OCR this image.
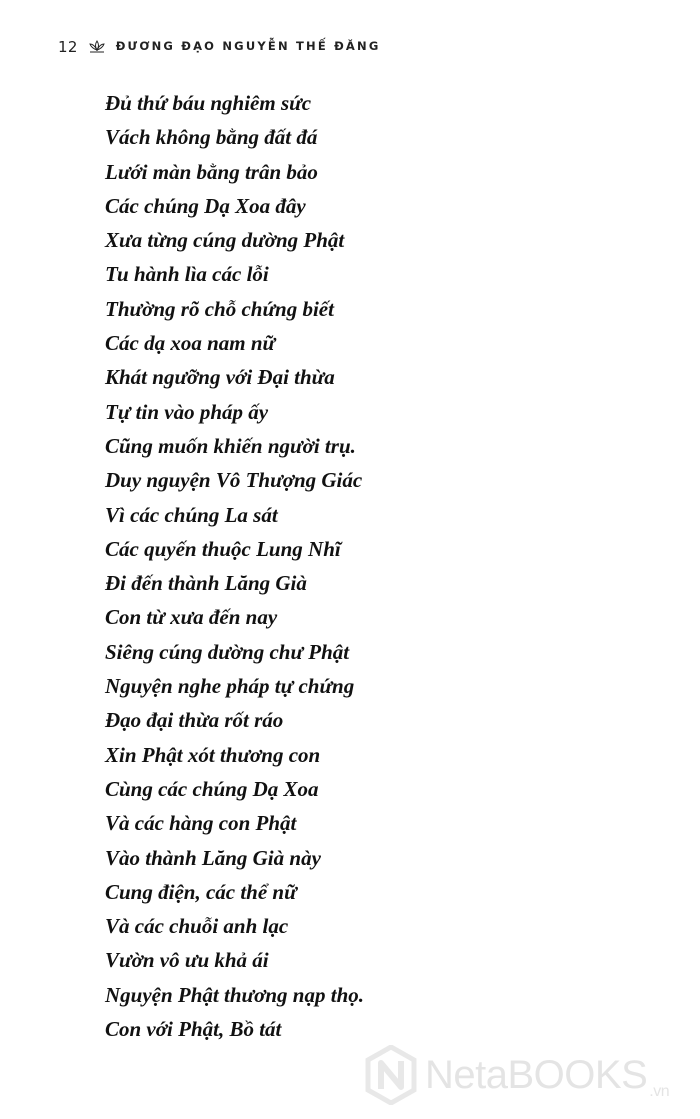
12	ĐƯƠNG ĐẠO NGUYỄN THẾ ĐĂNG
Đủ thứ báu nghiêm sức
Vách không bằng đất đá
Lưới màn bằng trân bảo
Các chúng Dạ Xoa đây
Xưa từng cúng dường Phật
Tu hành lìa các lỗi
Thường rõ chỗ chứng biết
Các dạ xoa nam nữ
Khát ngưỡng với Đại thừa
Tự tin vào pháp ấy
Cũng muốn khiến người trụ.
Duy nguyện Vô Thượng Giác
Vì các chúng La sát
Các quyến thuộc Lung Nhĩ
Đi đến thành Lăng Già
Con từ xưa đến nay
Siêng cúng dường chư Phật
Nguyện nghe pháp tự chứng
Đạo đại thừa rốt ráo
Xin Phật xót thương con
Cùng các chúng Dạ Xoa
Và các hàng con Phật
Vào thành Lăng Già này
Cung điện, các thể nữ
Và các chuỗi anh lạc
Vườn vô ưu khả ái
Nguyện Phật thương nạp thọ.
Con với Phật, Bồ tát
NetaBOOKS $_{.vn}$
